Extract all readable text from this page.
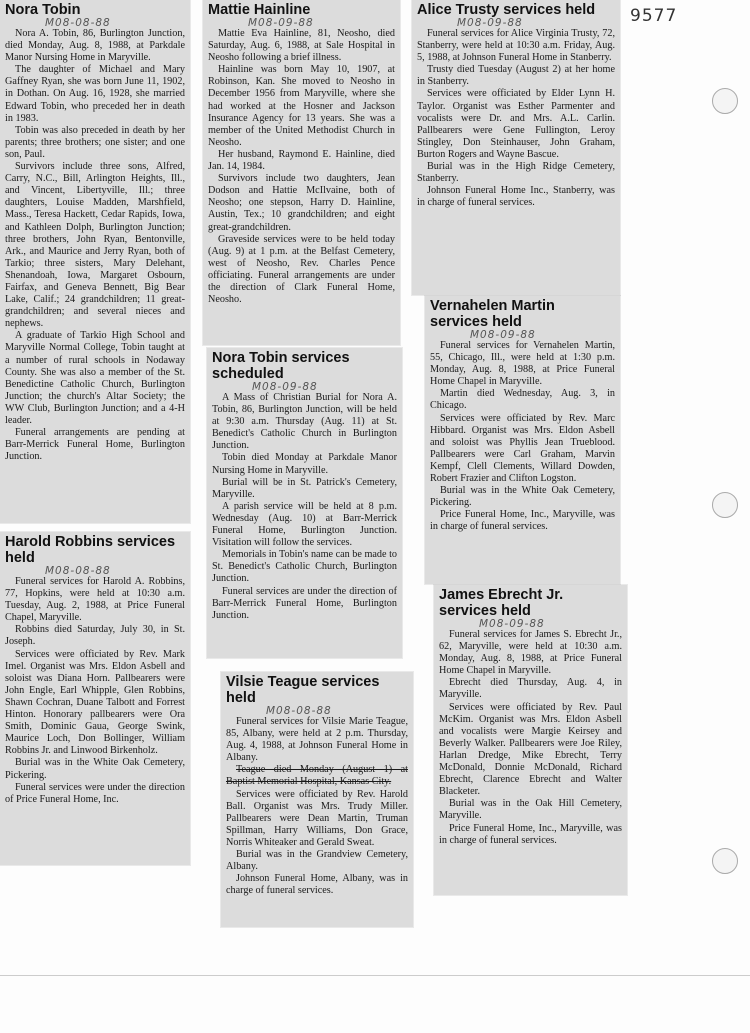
9577
Nora Tobin
M08-08-88

Nora A. Tobin, 86, Burlington Junction, died Monday, Aug. 8, 1988, at Parkdale Manor Nursing Home in Maryville.

The daughter of Michael and Mary Gaffney Ryan, she was born June 11, 1902, in Dothan. On Aug. 16, 1928, she married Edward Tobin, who preceded her in death in 1983.

Tobin was also preceded in death by her parents; three brothers; one sister; and one son, Paul.

Survivors include three sons, Alfred, Carry, N.C., Bill, Arlington Heights, Ill., and Vincent, Libertyville, Ill.; three daughters, Louise Madden, Marshfield, Mass., Teresa Hackett, Cedar Rapids, Iowa, and Kathleen Dolph, Burlington Junction; three brothers, John Ryan, Bentonville, Ark., and Maurice and Jerry Ryan, both of Tarkio; three sisters, Mary Delehant, Shenandoah, Iowa, Margaret Osbourn, Fairfax, and Geneva Bennett, Big Bear Lake, Calif.; 24 grandchildren; 11 great-grandchildren; and several nieces and nephews.

A graduate of Tarkio High School and Maryville Normal College, Tobin taught at a number of rural schools in Nodaway County. She was also a member of the St. Benedictine Catholic Church, Burlington Junction; the church's Altar Society; the WW Club, Burlington Junction; and a 4-H leader.

Funeral arrangements are pending at Barr-Merrick Funeral Home, Burlington Junction.

Harold Robbins services held
M08-08-88

Funeral services for Harold A. Robbins, 77, Hopkins, were held at 10:30 a.m. Tuesday, Aug. 2, 1988, at Price Funeral Chapel, Maryville.

Robbins died Saturday, July 30, in St. Joseph.

Services were officiated by Rev. Mark Imel. Organist was Mrs. Eldon Asbell and soloist was Diana Horn. Pallbearers were John Engle, Earl Whipple, Glen Robbins, Shawn Cochran, Duane Talbott and Forrest Hinton. Honorary pallbearers were Ora Smith, Dominic Gaua, George Swink, Maurice Loch, Don Bollinger, William Robbins Jr. and Linwood Birkenholz.

Burial was in the White Oak Cemetery, Pickering.

Funeral services were under the direction of Price Funeral Home, Inc.

Mattie Hainline
M08-09-88

Mattie Eva Hainline, 81, Neosho, died Saturday, Aug. 6, 1988, at Sale Hospital in Neosho following a brief illness.

Hainline was born May 10, 1907, at Robinson, Kan. She moved to Neosho in December 1956 from Maryville, where she had worked at the Hosner and Jackson Insurance Agency for 13 years. She was a member of the United Methodist Church in Neosho.

Her husband, Raymond E. Hainline, died Jan. 14, 1984.

Survivors include two daughters, Jean Dodson and Hattie McIlvaine, both of Neosho; one stepson, Harry D. Hainline, Austin, Tex.; 10 grandchildren; and eight great-grandchildren.

Graveside services were to be held today (Aug. 9) at 1 p.m. at the Belfast Cemetery, west of Neosho, Rev. Charles Pence officiating. Funeral arrangements are under the direction of Clark Funeral Home, Neosho.

Nora Tobin services scheduled
M08-09-88

A Mass of Christian Burial for Nora A. Tobin, 86, Burlington Junction, will be held at 9:30 a.m. Thursday (Aug. 11) at St. Benedict's Catholic Church in Burlington Junction.

Tobin died Monday at Parkdale Manor Nursing Home in Maryville.

Burial will be in St. Patrick's Cemetery, Maryville.

A parish service will be held at 8 p.m. Wednesday (Aug. 10) at Barr-Merrick Funeral Home, Burlington Junction. Visitation will follow the services.

Memorials in Tobin's name can be made to St. Benedict's Catholic Church, Burlington Junction.

Funeral services are under the direction of Barr-Merrick Funeral Home, Burlington Junction.

Vilsie Teague services held
M08-08-88

Funeral services for Vilsie Marie Teague, 85, Albany, were held at 2 p.m. Thursday, Aug. 4, 1988, at Johnson Funeral Home in Albany.

Teague died Monday (August 1) at Baptist Memorial Hospital, Kansas City.

Services were officiated by Rev. Harold Ball. Organist was Mrs. Trudy Miller. Pallbearers were Dean Martin, Truman Spillman, Harry Williams, Don Grace, Norris Whiteaker and Gerald Sweat.

Burial was in the Grandview Cemetery, Albany.

Johnson Funeral Home, Albany, was in charge of funeral services.

Alice Trusty services held
M08-09-88

Funeral services for Alice Virginia Trusty, 72, Stanberry, were held at 10:30 a.m. Friday, Aug. 5, 1988, at Johnson Funeral Home in Stanberry.

Trusty died Tuesday (August 2) at her home in Stanberry.

Services were officiated by Elder Lynn H. Taylor. Organist was Esther Parmenter and vocalists were Dr. and Mrs. A.L. Carlin. Pallbearers were Gene Fullington, Leroy Stingley, Don Steinhauser, John Graham, Burton Rogers and Wayne Bascue.

Burial was in the High Ridge Cemetery, Stanberry.

Johnson Funeral Home Inc., Stanberry, was in charge of funeral services.

Vernahelen Martin services held
M08-09-88

Funeral services for Vernahelen Martin, 55, Chicago, Ill., were held at 1:30 p.m. Monday, Aug. 8, 1988, at Price Funeral Home Chapel in Maryville.

Martin died Wednesday, Aug. 3, in Chicago.

Services were officiated by Rev. Marc Hibbard. Organist was Mrs. Eldon Asbell and soloist was Phyllis Jean Trueblood. Pallbearers were Carl Graham, Marvin Kempf, Clell Clements, Willard Dowden, Robert Frazier and Clifton Logston.

Burial was in the White Oak Cemetery, Pickering.

Price Funeral Home, Inc., Maryville, was in charge of funeral services.

James Ebrecht Jr. services held
M08-09-88

Funeral services for James S. Ebrecht Jr., 62, Maryville, were held at 10:30 a.m. Monday, Aug. 8, 1988, at Price Funeral Home Chapel in Maryville.

Ebrecht died Thursday, Aug. 4, in Maryville.

Services were officiated by Rev. Paul McKim. Organist was Mrs. Eldon Asbell and vocalists were Margie Keirsey and Beverly Walker. Pallbearers were Joe Riley, Harlan Dredge, Mike Ebrecht, Terry McDonald, Donnie McDonald, Richard Ebrecht, Clarence Ebrecht and Walter Blacketer.

Burial was in the Oak Hill Cemetery, Maryville.

Price Funeral Home, Inc., Maryville, was in charge of funeral services.
